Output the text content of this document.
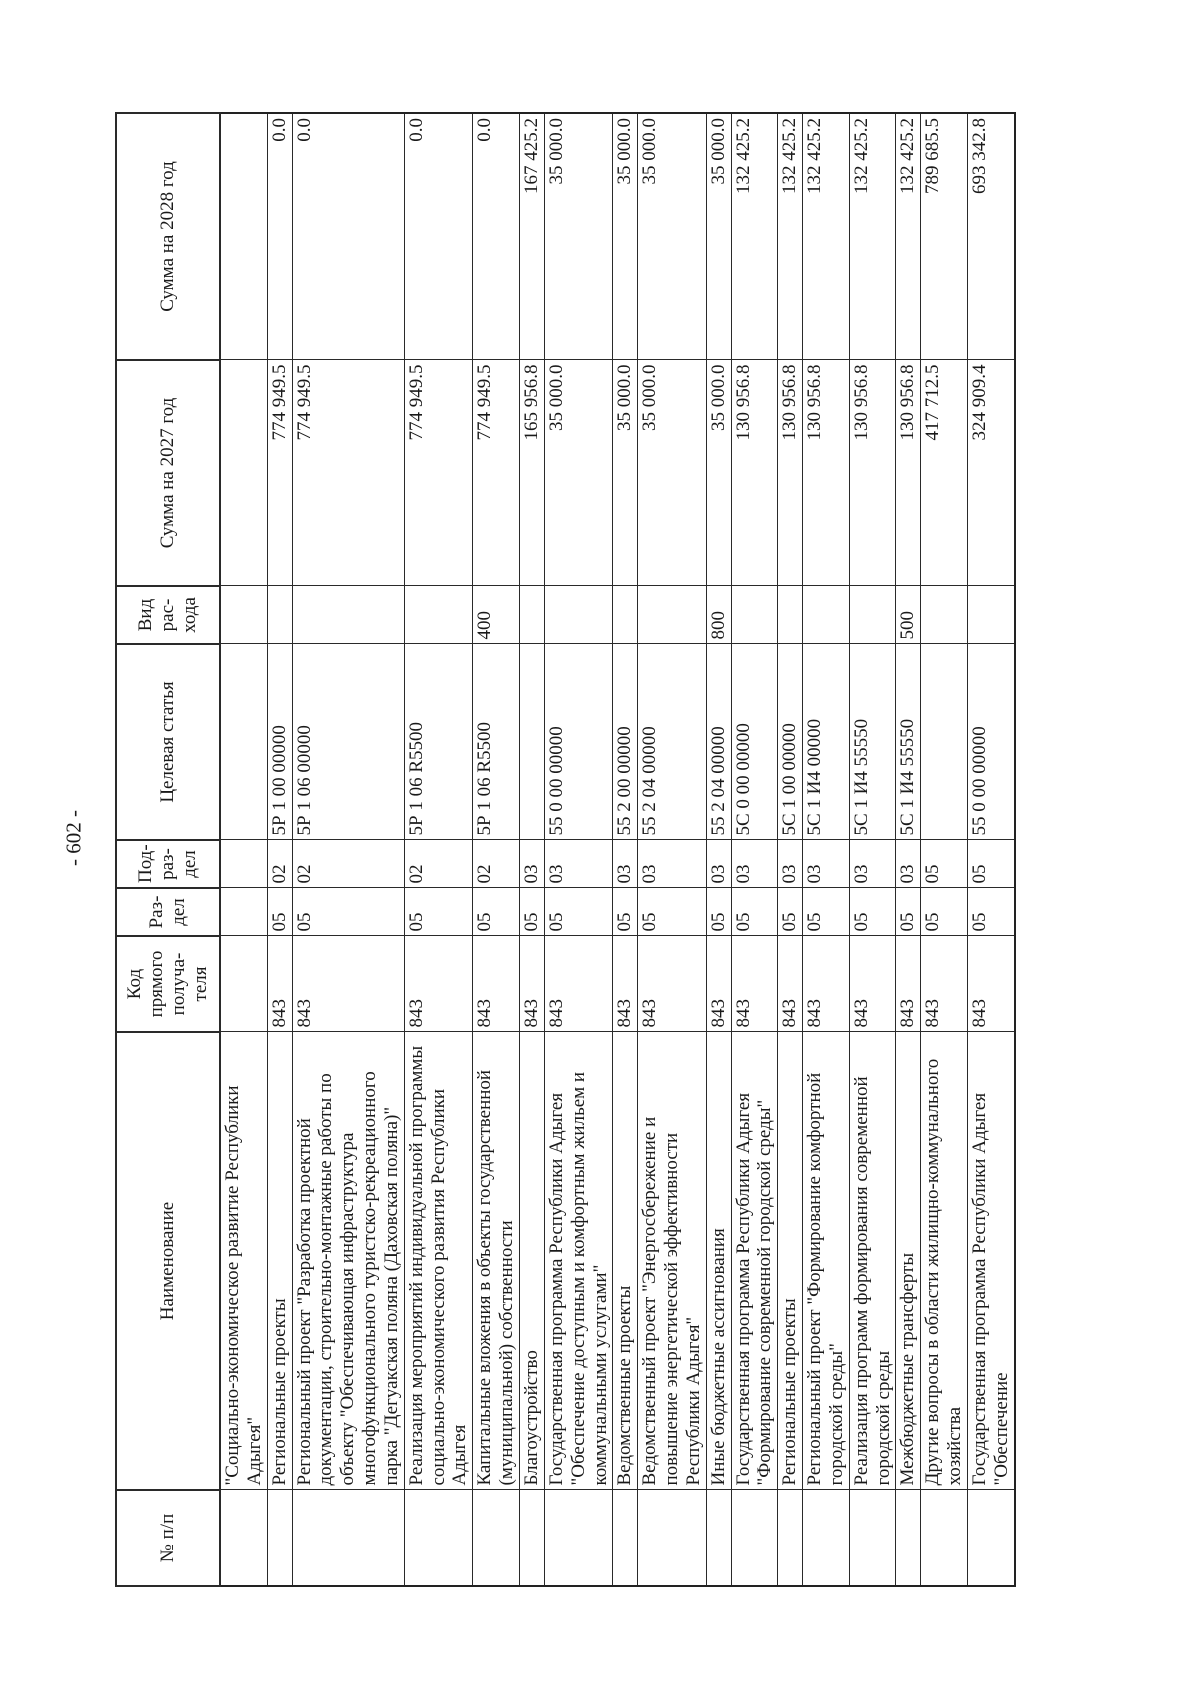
- 602 -
№ п/п	Наименование	Код прямого получа-теля	Раз-дел	Под-раз-дел	Целевая статья	Вид рас-хода	Сумма на 2027 год	Сумма на 2028 год
	"Социально-экономическое развитие Республики Адыгея"							
	Региональные проекты	843	05	02	5Р 1 00 00000		774 949.5	0.0
	Региональный проект "Разработка проектной документации, строительно-монтажные работы по объекту "Обеспечивающая инфраструктура многофункционального туристско-рекреационного парка "Дегуакская поляна (Даховская поляна)"	843	05	02	5Р 1 06 00000		774 949.5	0.0
	Реализация мероприятий индивидуальной программы социально-экономического развития Республики Адыгея	843	05	02	5Р 1 06 R5500		774 949.5	0.0
	Капитальные вложения в объекты государственной (муниципальной) собственности	843	05	02	5Р 1 06 R5500	400	774 949.5	0.0
	Благоустройство	843	05	03			165 956.8	167 425.2
	Государственная программа Республики Адыгея "Обеспечение доступным и комфортным жильем и коммунальными услугами"	843	05	03	55 0 00 00000		35 000.0	35 000.0
	Ведомственные проекты	843	05	03	55 2 00 00000		35 000.0	35 000.0
	Ведомственный проект "Энергосбережение и повышение энергетической эффективности Республики Адыгея"	843	05	03	55 2 04 00000		35 000.0	35 000.0
	Иные бюджетные ассигнования	843	05	03	55 2 04 00000	800	35 000.0	35 000.0
	Государственная программа Республики Адыгея "Формирование современной городской среды"	843	05	03	5С 0 00 00000		130 956.8	132 425.2
	Региональные проекты	843	05	03	5С 1 00 00000		130 956.8	132 425.2
	Региональный проект "Формирование комфортной городской среды"	843	05	03	5С 1 И4 00000		130 956.8	132 425.2
	Реализация программ формирования современной городской среды	843	05	03	5С 1 И4 55550		130 956.8	132 425.2
	Межбюджетные трансферты	843	05	03	5С 1 И4 55550	500	130 956.8	132 425.2
	Другие вопросы в области жилищно-коммунального хозяйства	843	05	05			417 712.5	789 685.5
	Государственная программа Республики Адыгея "Обеспечение	843	05	05	55 0 00 00000		324 909.4	693 342.8
